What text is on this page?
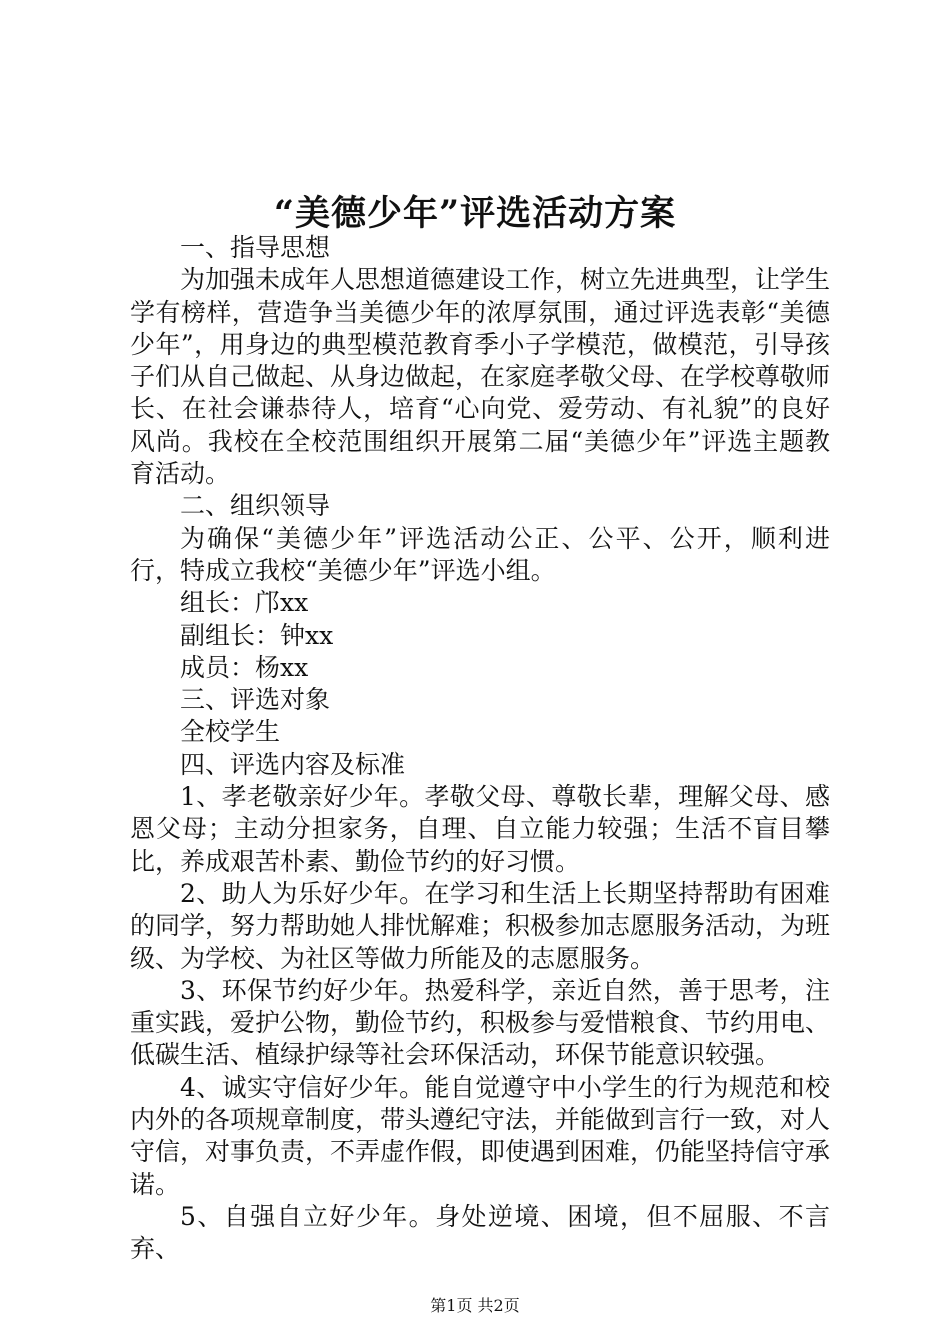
“美德少年”评选活动方案

一、指导思想

为加强未成年人思想道德建设工作，树立先进典型，让学生学有榜样，营造争当美德少年的浓厚氛围，通过评选表彰“美德少年”，用身边的典型模范教育季小子学模范，做模范，引导孩子们从自己做起、从身边做起，在家庭孝敬父母、在学校尊敬师长、在社会谦恭待人，培育“心向党、爱劳动、有礼貌”的良好风尚。我校在全校范围组织开展第二届“美德少年”评选主题教育活动。

二、组织领导

为确保“美德少年”评选活动公正、公平、公开，顺利进行，特成立我校“美德少年”评选小组。

组长：邝xx

副组长：钟xx

成员：杨xx

三、评选对象

全校学生

四、评选内容及标准

1、孝老敬亲好少年。孝敬父母、尊敬长辈，理解父母、感恩父母；主动分担家务，自理、自立能力较强；生活不盲目攀比，养成艰苦朴素、勤俭节约的好习惯。

2、助人为乐好少年。在学习和生活上长期坚持帮助有困难的同学，努力帮助她人排忧解难；积极参加志愿服务活动，为班级、为学校、为社区等做力所能及的志愿服务。

3、环保节约好少年。热爱科学，亲近自然，善于思考，注重实践，爱护公物，勤俭节约，积极参与爱惜粮食、节约用电、低碳生活、植绿护绿等社会环保活动，环保节能意识较强。

4、诚实守信好少年。能自觉遵守中小学生的行为规范和校内外的各项规章制度，带头遵纪守法，并能做到言行一致，对人守信，对事负责，不弄虚作假，即使遇到困难，仍能坚持信守承诺。

5、自强自立好少年。身处逆境、困境，但不屈服、不言弃、

第1页 共2页
